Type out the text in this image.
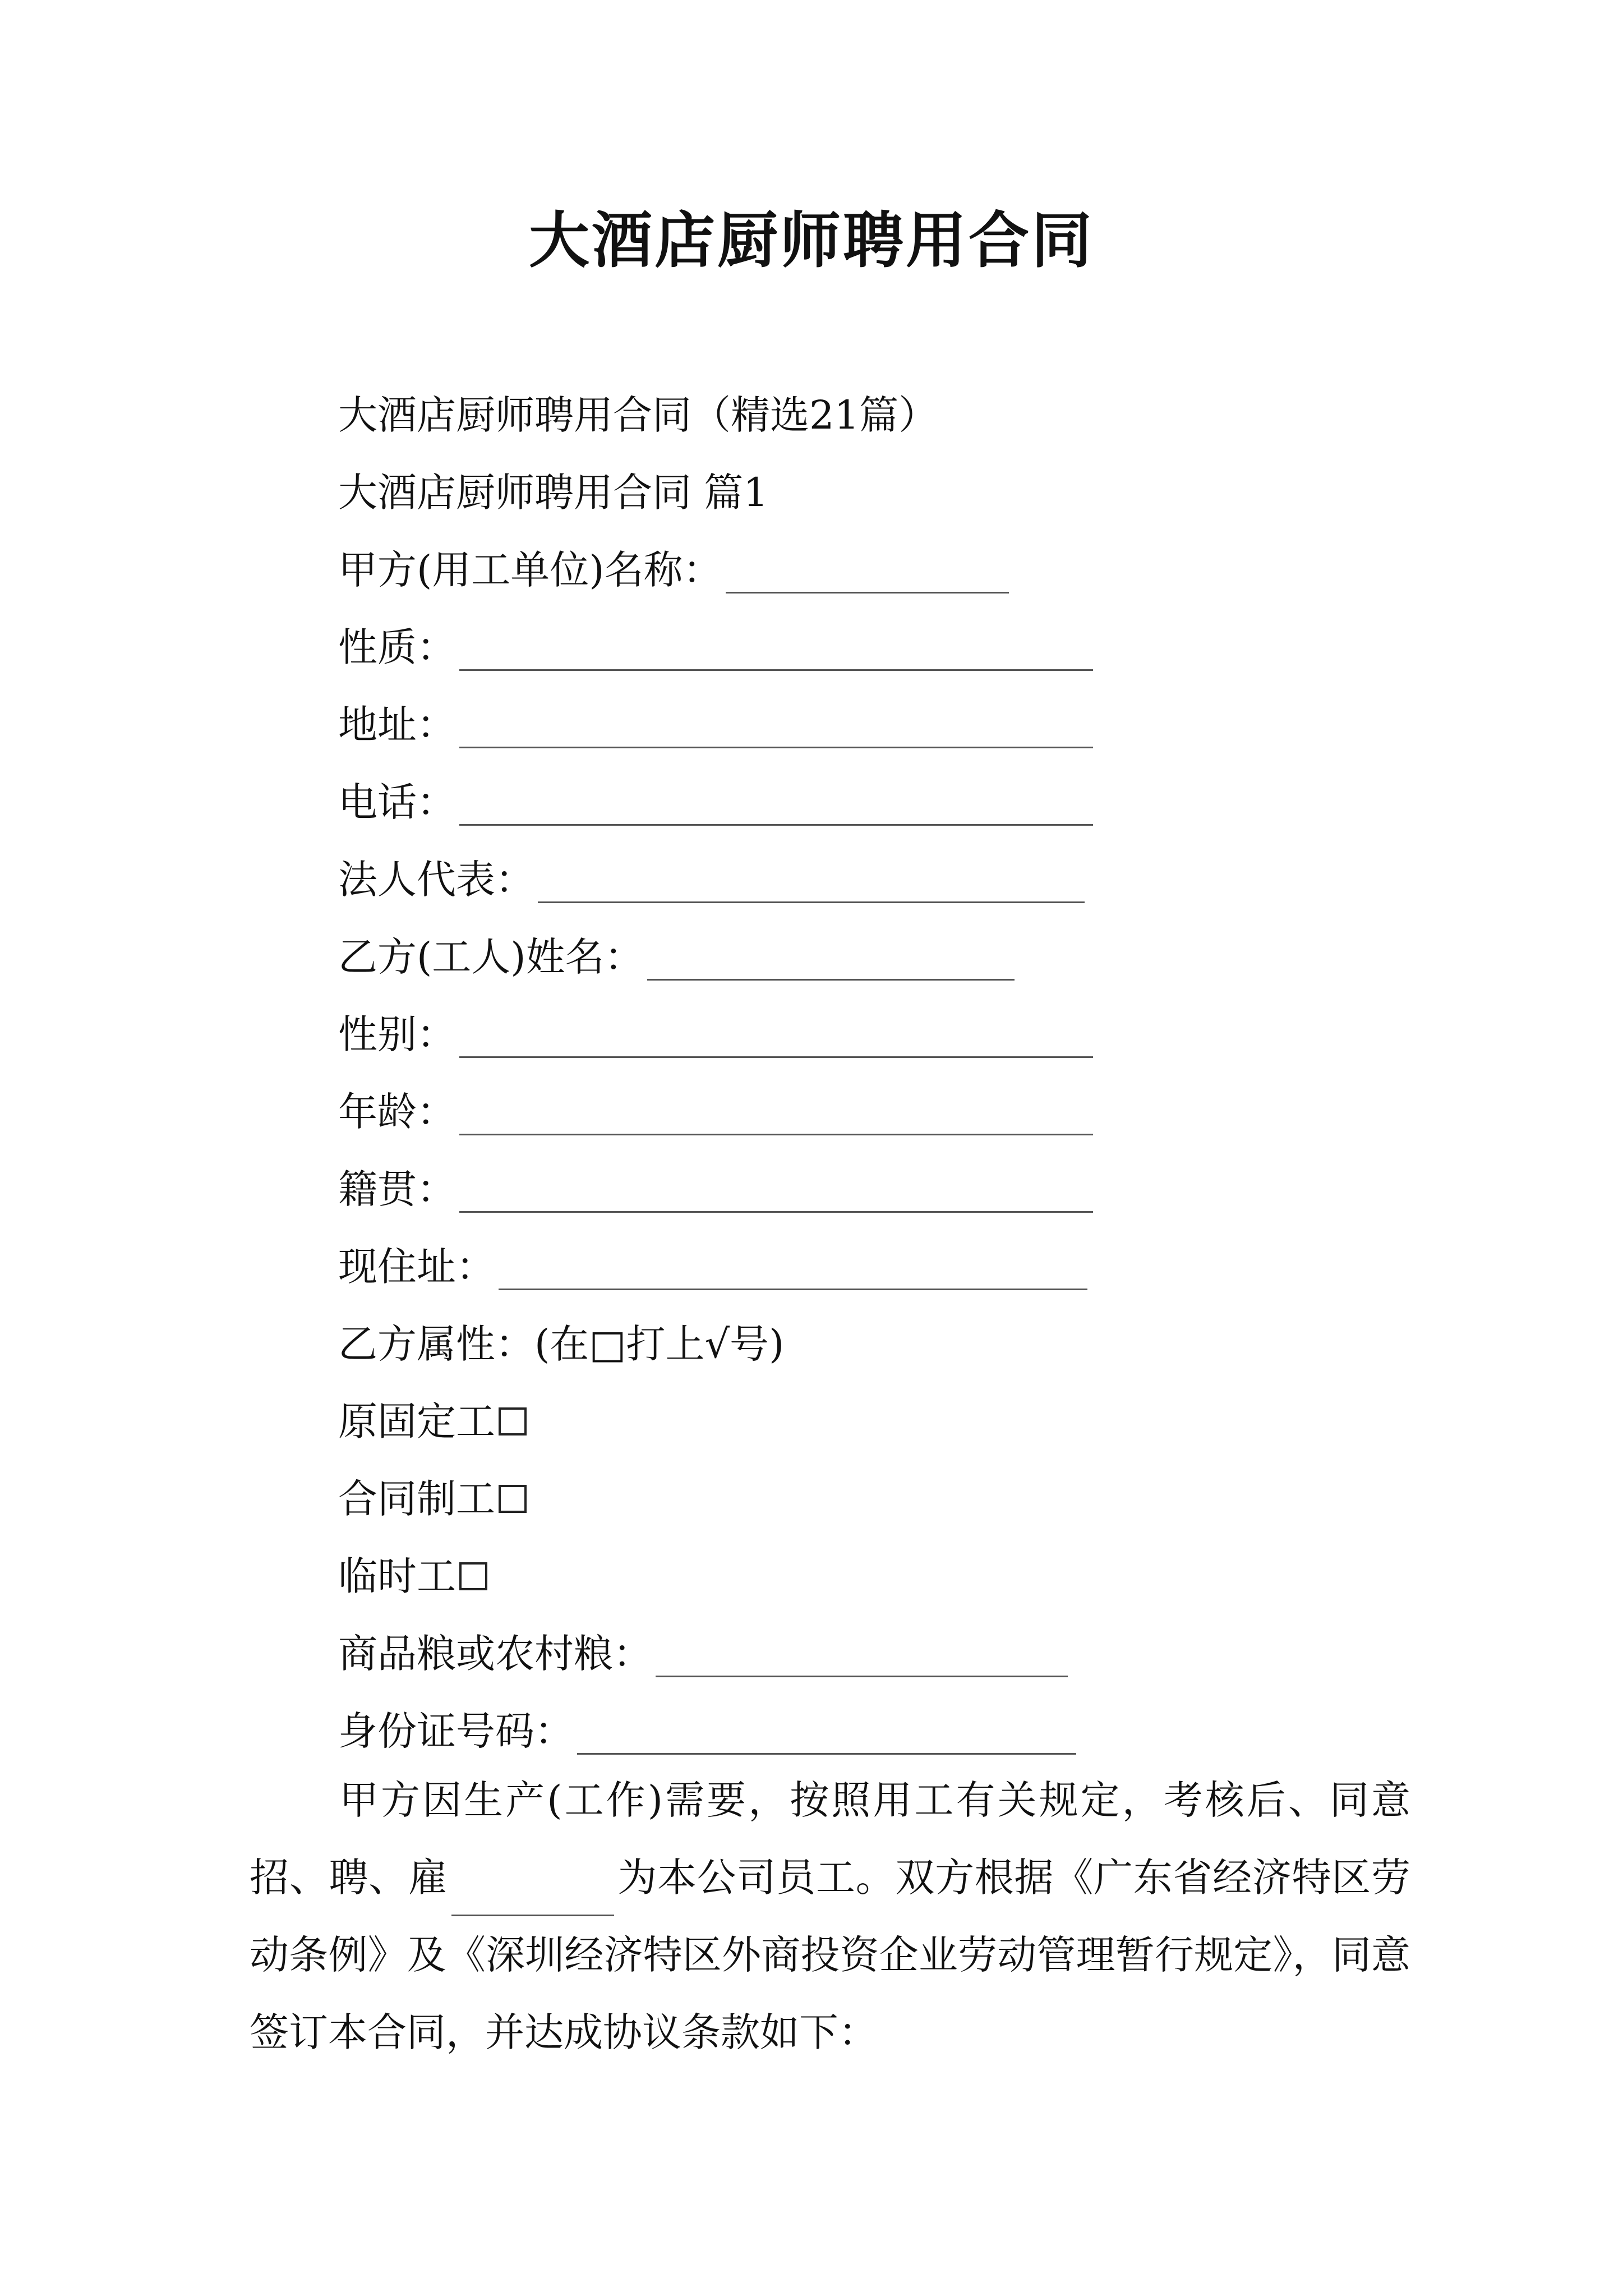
大酒店厨师聘用合同
大酒店厨师聘用合同（精选21篇）
大酒店厨师聘用合同 篇1
甲方(用工单位)名称：
性质：
地址：
电话：
法人代表：
乙方(工人)姓名：
性别：
年龄：
籍贯：
现住址：
乙方属性：(在□打上√号)
原固定工
合同制工
临时工
商品粮或农村粮：
身份证号码：

甲方因生产(工作)需要，按照用工有关规定，考核后、同意招、聘、雇	为本公司员工。双方根据《广东省经济特区劳动条例》及《深圳经济特区外商投资企业劳动管理暂行规定》，同意签订本合同，并达成协议条款如下：
